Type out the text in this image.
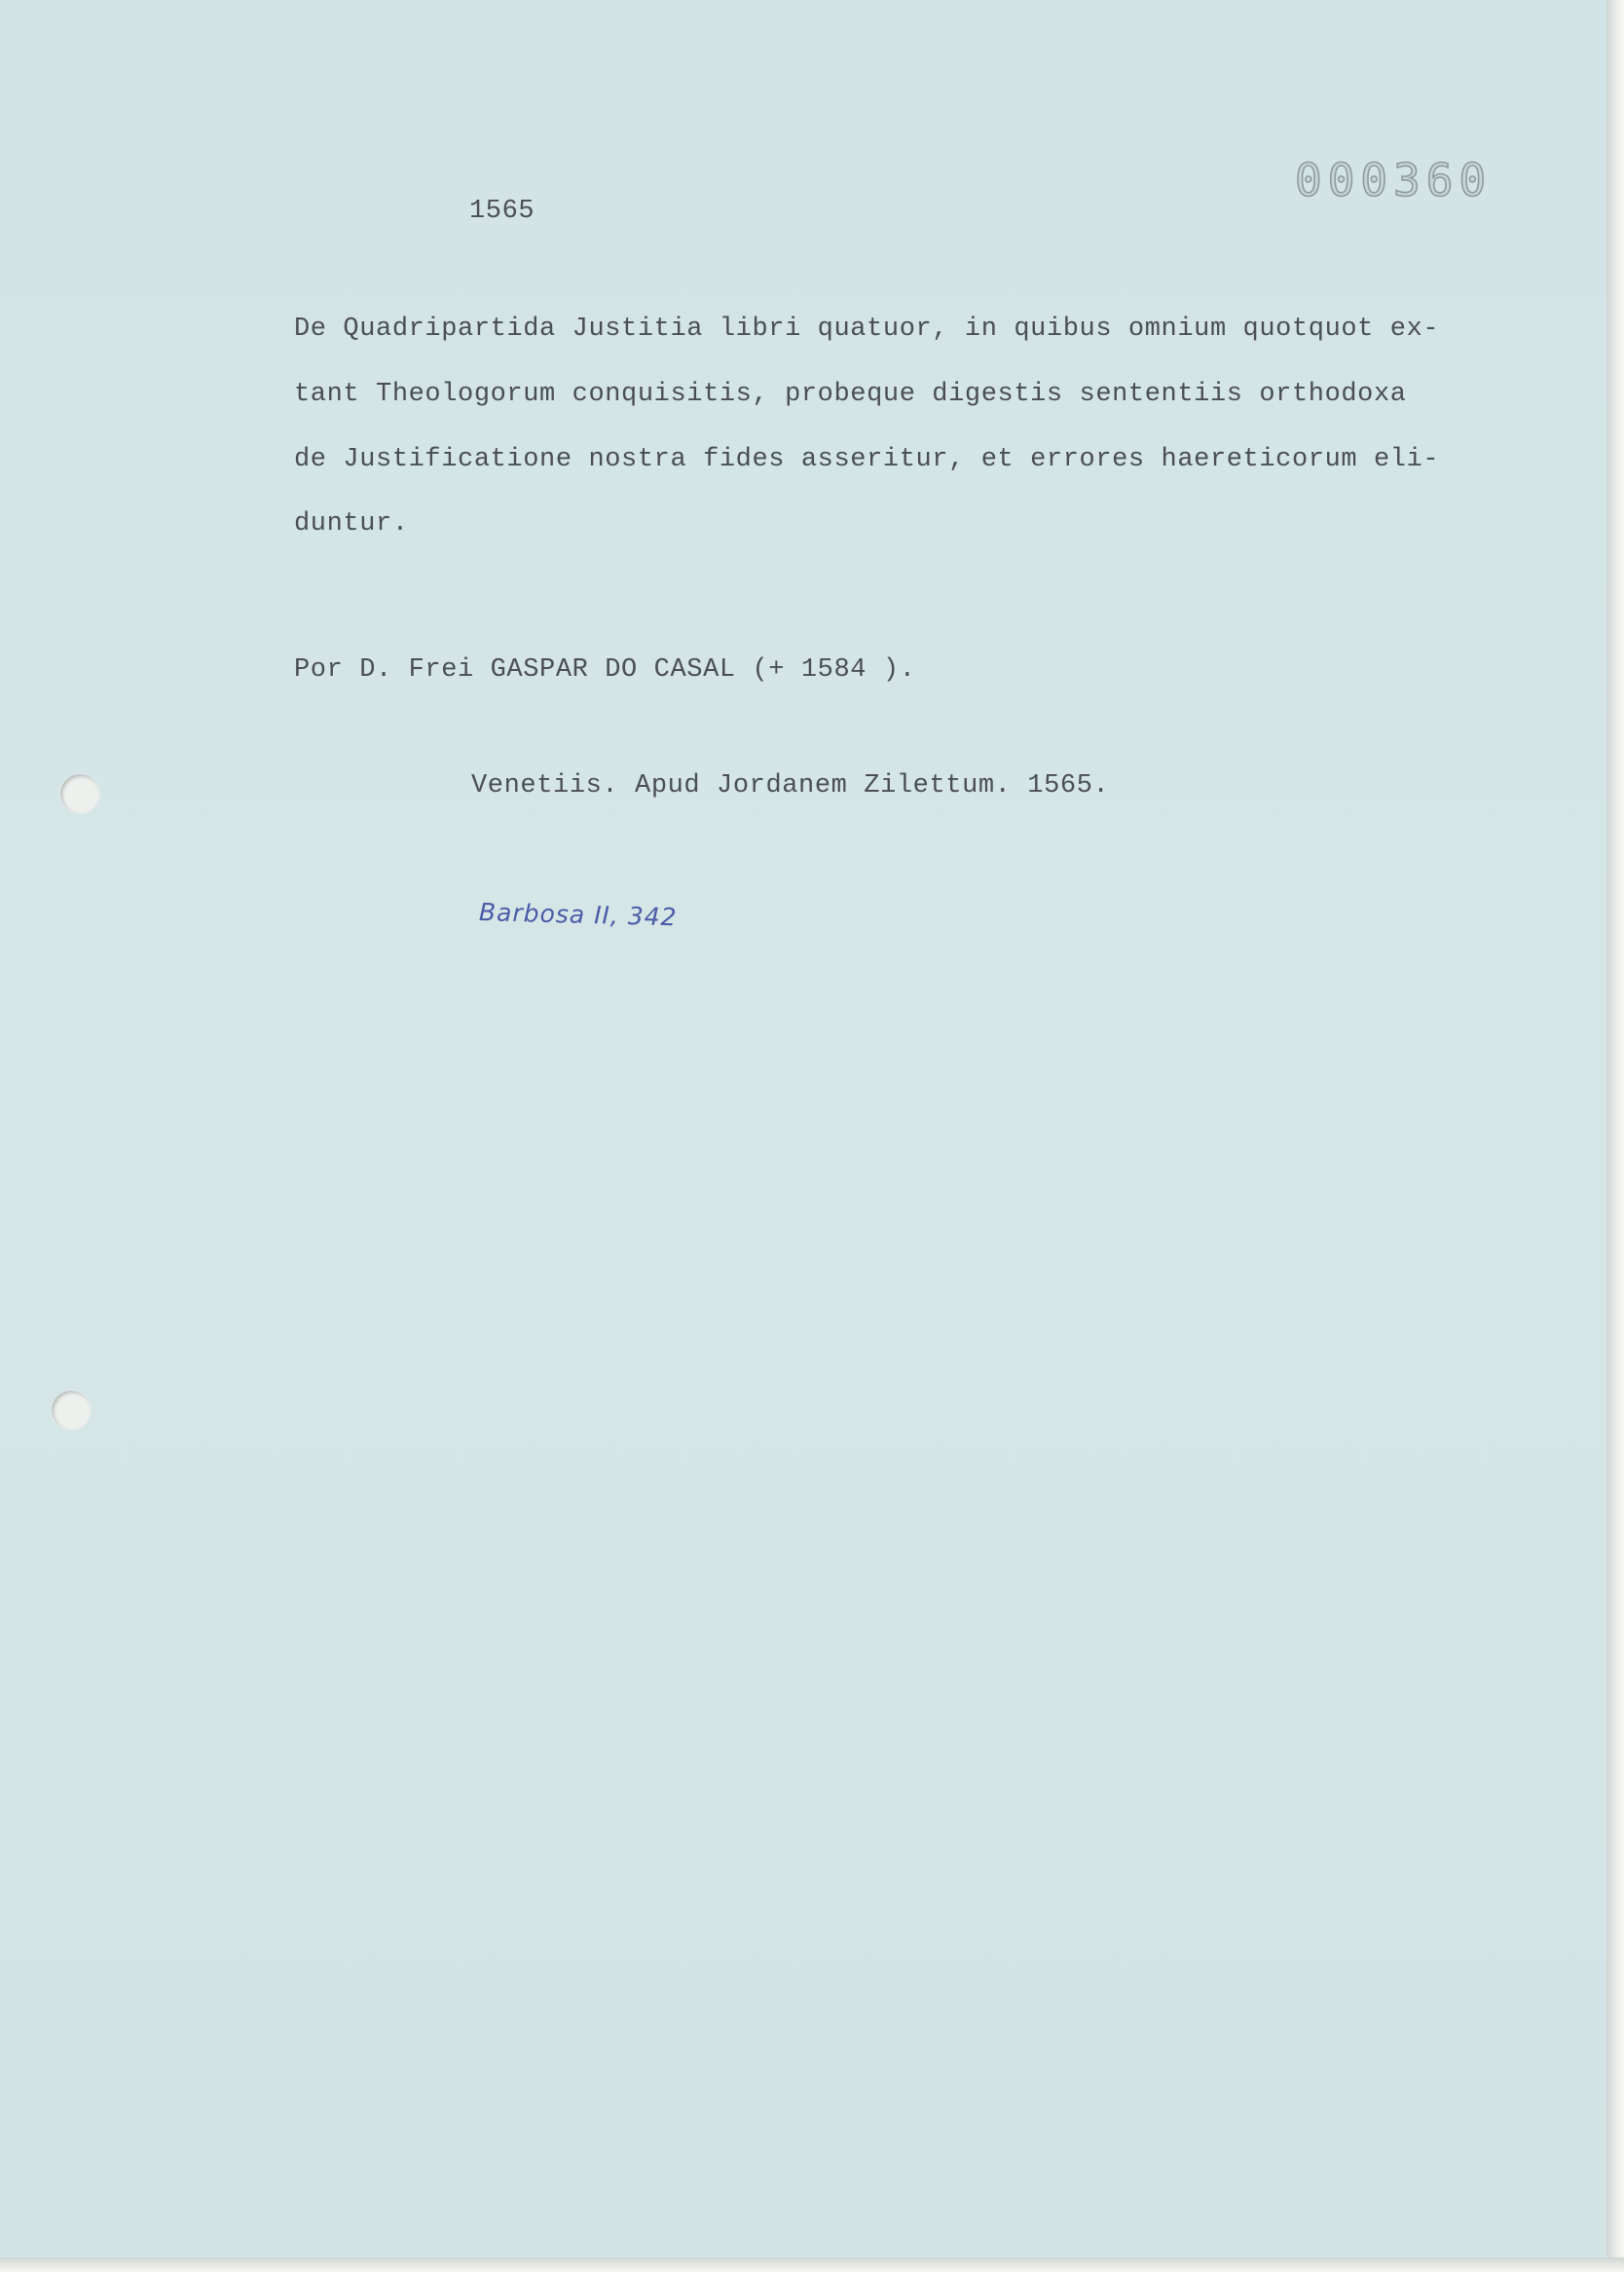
1565

000360

De Quadripartida Justitia libri quatuor, in quibus omnium quotquot ex-

tant Theologorum conquisitis, probeque digestis sententiis orthodoxa

de Justificatione nostra fides asseritur, et errores haereticorum eli-

duntur.

Por D. Frei GASPAR DO CASAL (+ 1584 ).

Venetiis. Apud Jordanem Zilettum. 1565.

Barbosa II, 342
